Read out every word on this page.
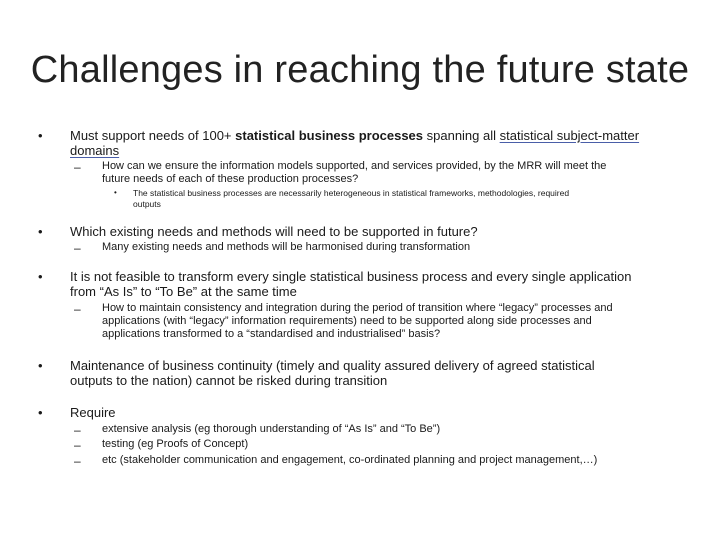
Challenges in reaching the future state
• Must support needs of 100+ statistical business processes spanning all statistical subject-matter
domains
– How can we ensure the information models supported, and services provided, by the MRR will meet the
future needs of each of these production processes?
• The statistical business processes are necessarily heterogeneous in statistical frameworks, methodologies, required
outputs
• Which existing needs and methods will need to be supported in future?
– Many existing needs and methods will be harmonised during transformation
• It is not feasible to transform every single statistical business process and every single application
from “As Is” to “To Be” at the same time
– How to maintain consistency and integration during the period of transition where “legacy” processes and
applications (with “legacy” information requirements) need to be supported along side processes and
applications transformed to a “standardised and industrialised” basis?
• Maintenance of business continuity (timely and quality assured delivery of agreed statistical
outputs to the nation) cannot be risked during transition
• Require
– extensive analysis (eg thorough understanding of “As Is” and “To Be”)
– testing (eg Proofs of Concept)
– etc (stakeholder communication and engagement, co-ordinated planning and project management,…)
